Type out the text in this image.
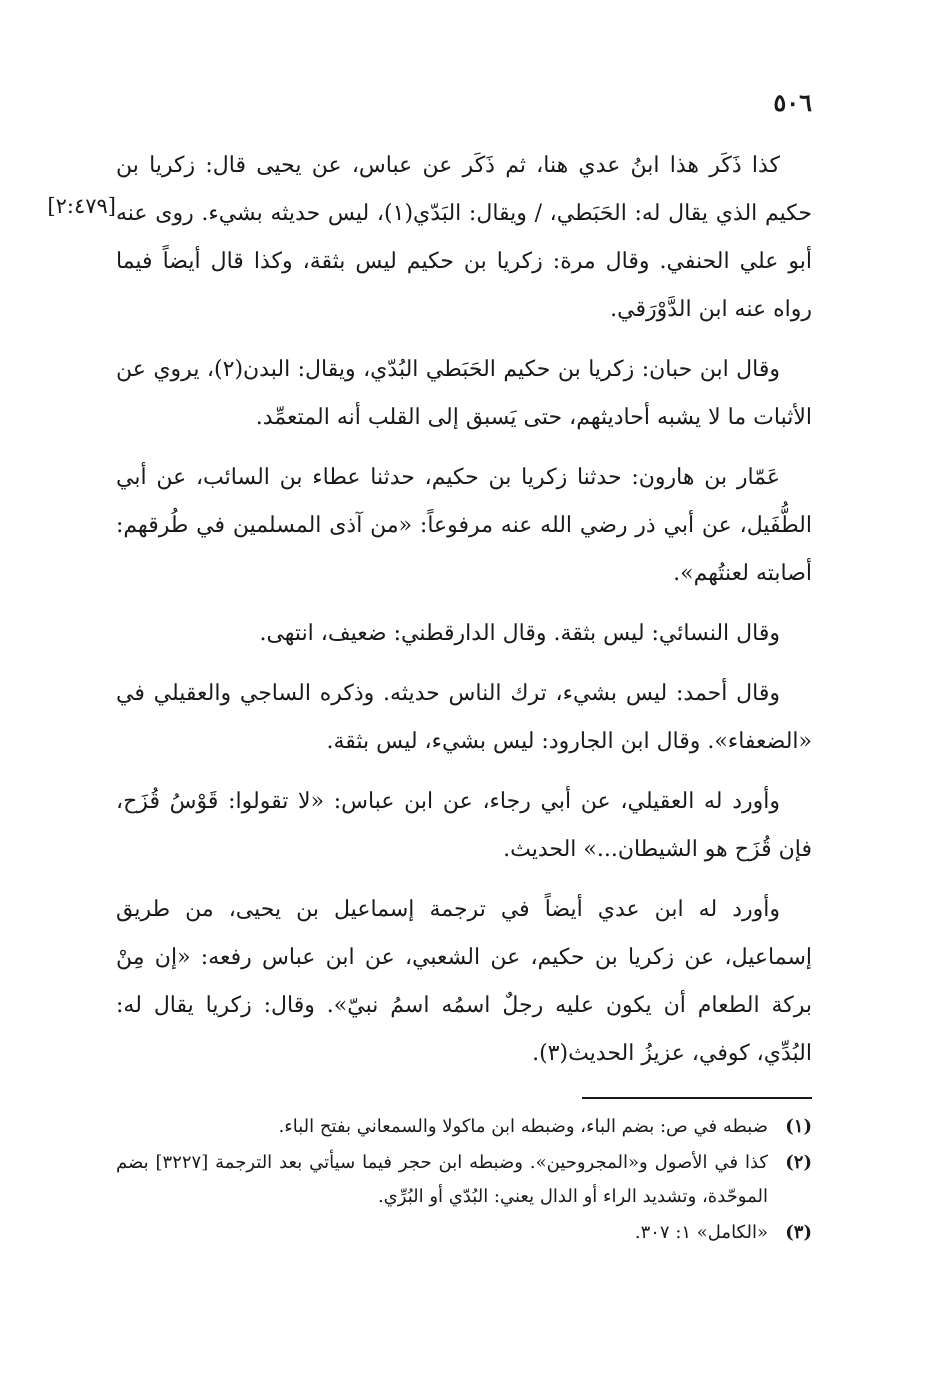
٥٠٦
[٢:٤٧٩]

كذا ذَكَر هذا ابنُ عدي هنا، ثم ذَكَر عن عباس، عن يحيى قال: زكريا بن حكيم الذي يقال له: الحَبَطي، / ويقال: البَدّي(١)، ليس حديثه بشيء. روى عنه أبو علي الحنفي. وقال مرة: زكريا بن حكيم ليس بثقة، وكذا قال أيضاً فيما رواه عنه ابن الدَّوْرَقي.

وقال ابن حبان: زكريا بن حكيم الحَبَطي البُدّي، ويقال: البدن(٢)، يروي عن الأثبات ما لا يشبه أحاديثهم، حتى يَسبق إلى القلب أنه المتعمِّد.

عَمّار بن هارون: حدثنا زكريا بن حكيم، حدثنا عطاء بن السائب، عن أبي الطُّفَيل، عن أبي ذر رضي الله عنه مرفوعاً: «من آذى المسلمين في طُرقهم: أصابته لعنتُهم».

وقال النسائي: ليس بثقة. وقال الدارقطني: ضعيف، انتهى.

وقال أحمد: ليس بشيء، ترك الناس حديثه. وذكره الساجي والعقيلي في «الضعفاء». وقال ابن الجارود: ليس بشيء، ليس بثقة.

وأورد له العقيلي، عن أبي رجاء، عن ابن عباس: «لا تقولوا: قَوْسُ قُزَح، فإن قُزَح هو الشيطان...» الحديث.

وأورد له ابن عدي أيضاً في ترجمة إسماعيل بن يحيى، من طريق إسماعيل، عن زكريا بن حكيم، عن الشعبي، عن ابن عباس رفعه: «إن مِنْ بركة الطعام أن يكون عليه رجلٌ اسمُه اسمُ نبيّ». وقال: زكريا يقال له: البُدِّي، كوفي، عزيزُ الحديث(٣).

(١)
ضبطه في ص: بضم الباء، وضبطه ابن ماكولا والسمعاني بفتح الباء.
(٢)
كذا في الأصول و«المجروحين». وضبطه ابن حجر فيما سيأتي بعد الترجمة [٣٢٢٧] بضم الموحّدة، وتشديد الراء أو الدال يعني: البُدّي أو البُرِّي.
(٣)
«الكامل» ١: ٣٠٧.
